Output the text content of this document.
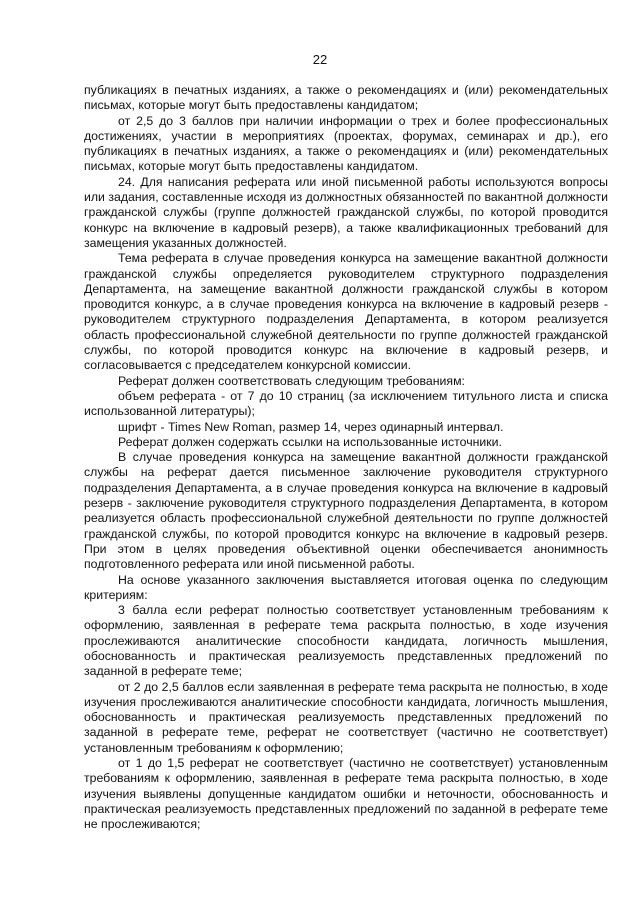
22

публикациях в печатных изданиях, а также о рекомендациях и (или) рекомендательных письмах, которые могут быть предоставлены кандидатом;

от 2,5 до 3 баллов при наличии информации о трех и более профессиональных достижениях, участии в мероприятиях (проектах, форумах, семинарах и др.), его публикациях в печатных изданиях, а также о рекомендациях и (или) рекомендательных письмах, которые могут быть предоставлены кандидатом.

24. Для написания реферата или иной письменной работы используются вопросы или задания, составленные исходя из должностных обязанностей по вакантной должности гражданской службы (группе должностей гражданской службы, по которой проводится конкурс на включение в кадровый резерв), а также квалификационных требований для замещения указанных должностей.

Тема реферата в случае проведения конкурса на замещение вакантной должности гражданской службы определяется руководителем структурного подразделения Департамента, на замещение вакантной должности гражданской службы в котором проводится конкурс, а в случае проведения конкурса на включение в кадровый резерв - руководителем структурного подразделения Департамента, в котором реализуется область профессиональной служебной деятельности по группе должностей гражданской службы, по которой проводится конкурс на включение в кадровый резерв, и согласовывается с председателем конкурсной комиссии.

Реферат должен соответствовать следующим требованиям:

объем реферата - от 7 до 10 страниц (за исключением титульного листа и списка использованной литературы);

шрифт - Times New Roman, размер 14, через одинарный интервал.

Реферат должен содержать ссылки на использованные источники.

В случае проведения конкурса на замещение вакантной должности гражданской службы на реферат дается письменное заключение руководителя структурного подразделения Департамента, а в случае проведения конкурса на включение в кадровый резерв - заключение руководителя структурного подразделения Департамента, в котором реализуется область профессиональной служебной деятельности по группе должностей гражданской службы, по которой проводится конкурс на включение в кадровый резерв. При этом в целях проведения объективной оценки обеспечивается анонимность подготовленного реферата или иной письменной работы.

На основе указанного заключения выставляется итоговая оценка по следующим критериям:

3 балла если реферат полностью соответствует установленным требованиям к оформлению, заявленная в реферате тема раскрыта полностью, в ходе изучения прослеживаются аналитические способности кандидата, логичность мышления, обоснованность и практическая реализуемость представленных предложений по заданной в реферате теме;

от 2 до 2,5 баллов если заявленная в реферате тема раскрыта не полностью, в ходе изучения прослеживаются аналитические способности кандидата, логичность мышления, обоснованность и практическая реализуемость представленных предложений по заданной в реферате теме, реферат не соответствует (частично не соответствует) установленным требованиям к оформлению;

от 1 до 1,5 реферат не соответствует (частично не соответствует) установленным требованиям к оформлению, заявленная в реферате тема раскрыта полностью, в ходе изучения выявлены допущенные кандидатом ошибки и неточности, обоснованность и практическая реализуемость представленных предложений по заданной в реферате теме не прослеживаются;
